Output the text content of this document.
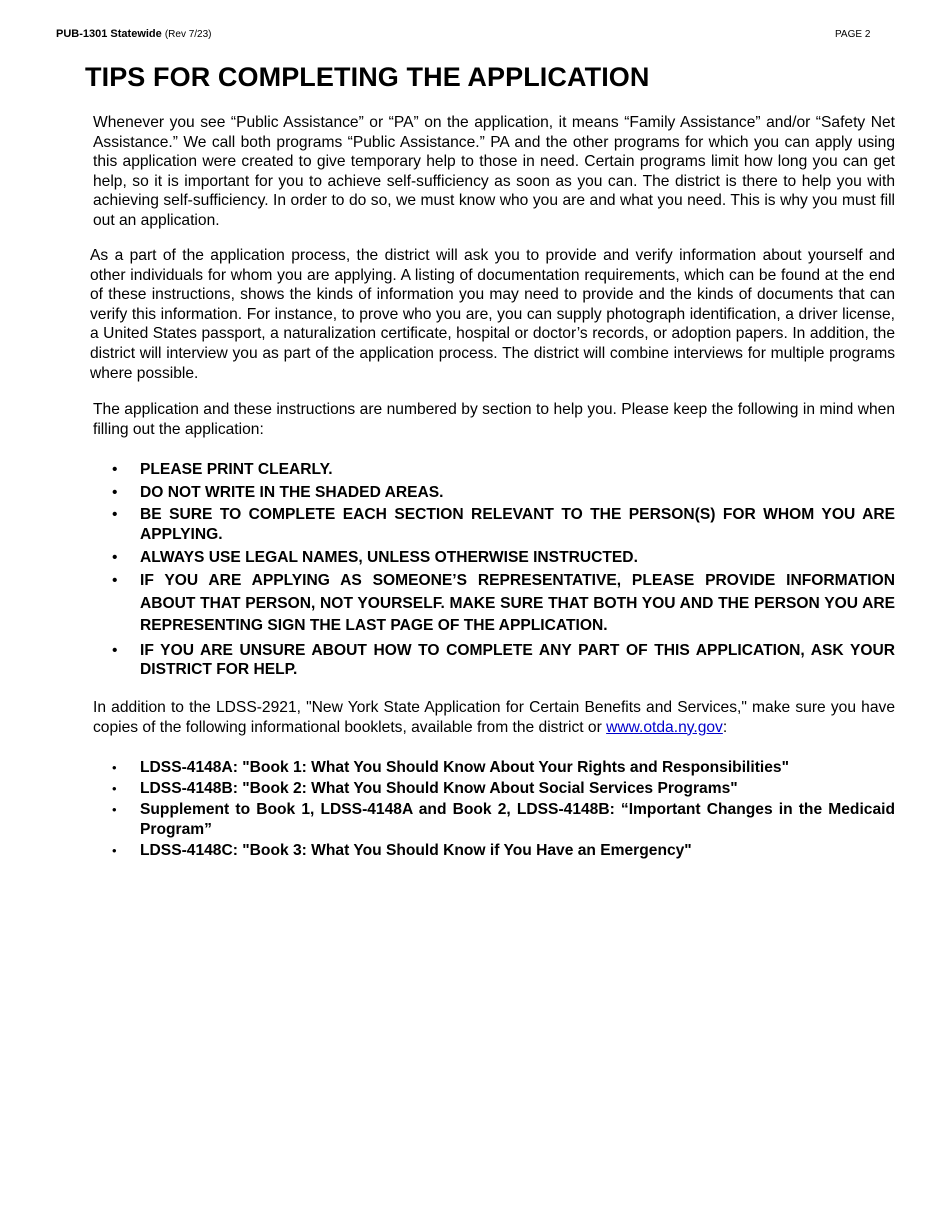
PUB-1301 Statewide (Rev 7/23)	PAGE 2
TIPS FOR COMPLETING THE APPLICATION

Whenever you see “Public Assistance” or “PA” on the application, it means “Family Assistance” and/or “Safety Net Assistance.” We call both programs “Public Assistance.” PA and the other programs for which you can apply using this application were created to give temporary help to those in need. Certain programs limit how long you can get help, so it is important for you to achieve self-sufficiency as soon as you can. The district is there to help you with achieving self-sufficiency. In order to do so, we must know who you are and what you need. This is why you must fill out an application.

As a part of the application process, the district will ask you to provide and verify information about yourself and other individuals for whom you are applying. A listing of documentation requirements, which can be found at the end of these instructions, shows the kinds of information you may need to provide and the kinds of documents that can verify this information. For instance, to prove who you are, you can supply photograph identification, a driver license, a United States passport, a naturalization certificate, hospital or doctor’s records, or adoption papers. In addition, the district will interview you as part of the application process. The district will combine interviews for multiple programs where possible.

The application and these instructions are numbered by section to help you. Please keep the following in mind when filling out the application:

• PLEASE PRINT CLEARLY.
• DO NOT WRITE IN THE SHADED AREAS.
• BE SURE TO COMPLETE EACH SECTION RELEVANT TO THE PERSON(S) FOR WHOM YOU ARE APPLYING.
• ALWAYS USE LEGAL NAMES, UNLESS OTHERWISE INSTRUCTED.
• IF YOU ARE APPLYING AS SOMEONE’S REPRESENTATIVE, PLEASE PROVIDE INFORMATION ABOUT THAT PERSON, NOT YOURSELF. MAKE SURE THAT BOTH YOU AND THE PERSON YOU ARE REPRESENTING SIGN THE LAST PAGE OF THE APPLICATION.
• IF YOU ARE UNSURE ABOUT HOW TO COMPLETE ANY PART OF THIS APPLICATION, ASK YOUR DISTRICT FOR HELP.

In addition to the LDSS-2921, "New York State Application for Certain Benefits and Services," make sure you have copies of the following informational booklets, available from the district or www.otda.ny.gov:

• LDSS-4148A: "Book 1: What You Should Know About Your Rights and Responsibilities"
• LDSS-4148B: "Book 2: What You Should Know About Social Services Programs"
• Supplement to Book 1, LDSS-4148A and Book 2, LDSS-4148B: “Important Changes in the Medicaid Program”
• LDSS-4148C: "Book 3: What You Should Know if You Have an Emergency"
